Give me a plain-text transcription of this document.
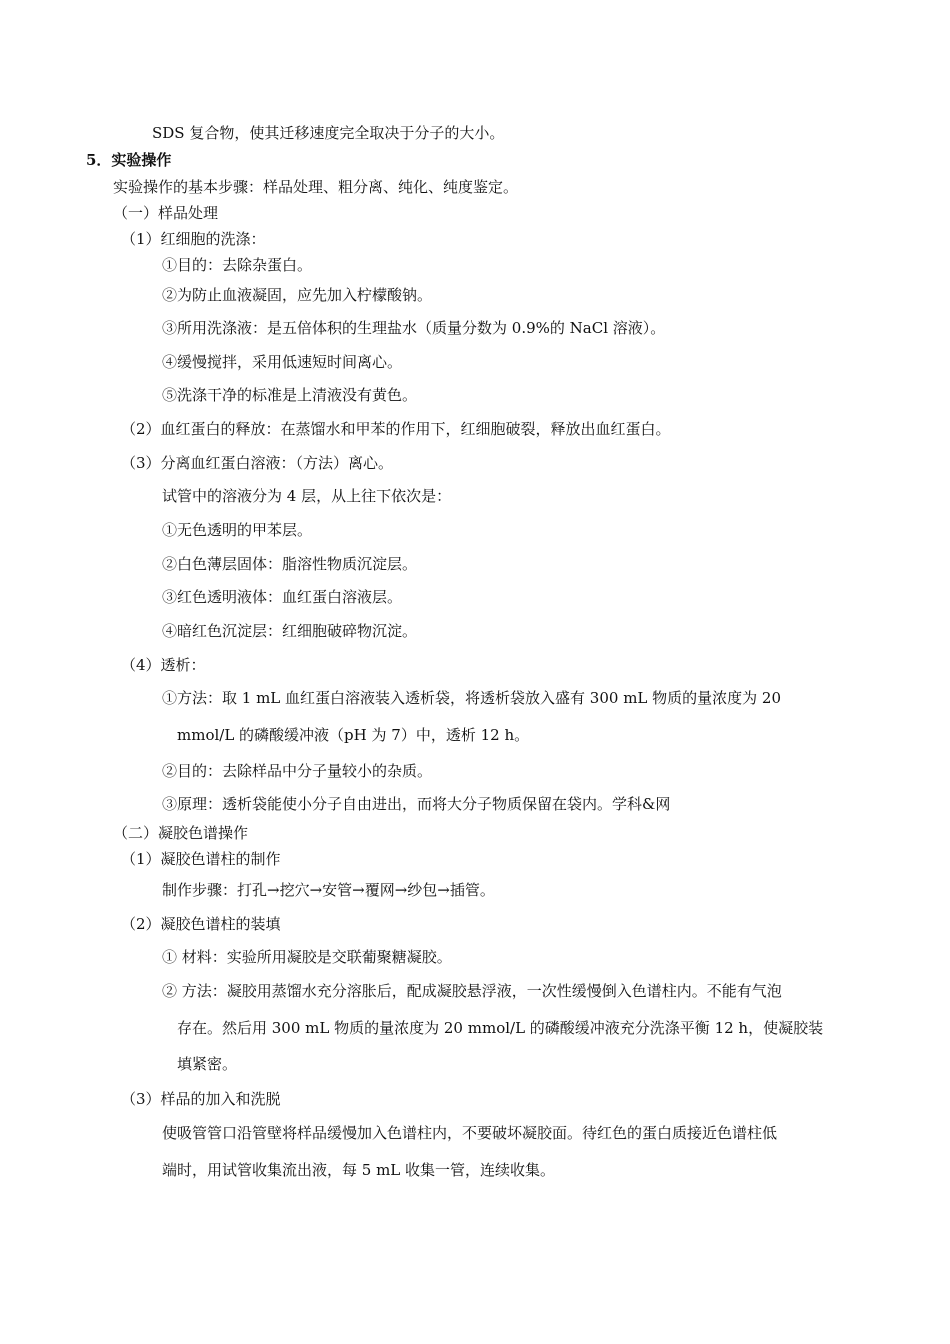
SDS 复合物，使其迁移速度完全取决于分子的大小。
5．实验操作
实验操作的基本步骤：样品处理、粗分离、纯化、纯度鉴定。
（一）样品处理
（1）红细胞的洗涤：
①目的：去除杂蛋白。
②为防止血液凝固，应先加入柠檬酸钠。
③所用洗涤液：是五倍体积的生理盐水（质量分数为 0.9%的 NaCl 溶液）。
④缓慢搅拌，采用低速短时间离心。
⑤洗涤干净的标准是上清液没有黄色。
（2）血红蛋白的释放：在蒸馏水和甲苯的作用下，红细胞破裂，释放出血红蛋白。
（3）分离血红蛋白溶液：（方法）离心。
试管中的溶液分为 4 层，从上往下依次是：
①无色透明的甲苯层。
②白色薄层固体：脂溶性物质沉淀层。
③红色透明液体：血红蛋白溶液层。
④暗红色沉淀层：红细胞破碎物沉淀。
（4）透析：
①方法：取 1 mL 血红蛋白溶液装入透析袋，将透析袋放入盛有 300 mL 物质的量浓度为 20
mmol/L 的磷酸缓冲液（pH 为 7）中，透析 12 h。
②目的：去除样品中分子量较小的杂质。
③原理：透析袋能使小分子自由进出，而将大分子物质保留在袋内。学科&网
（二）凝胶色谱操作
（1）凝胶色谱柱的制作
制作步骤：打孔→挖穴→安管→覆网→纱包→插管。
（2）凝胶色谱柱的装填
① 材料：实验所用凝胶是交联葡聚糖凝胶。
② 方法：凝胶用蒸馏水充分溶胀后，配成凝胶悬浮液，一次性缓慢倒入色谱柱内。不能有气泡
存在。然后用 300 mL 物质的量浓度为 20 mmol/L 的磷酸缓冲液充分洗涤平衡 12 h，使凝胶装
填紧密。
（3）样品的加入和洗脱
使吸管管口沿管壁将样品缓慢加入色谱柱内，不要破坏凝胶面。待红色的蛋白质接近色谱柱低
端时，用试管收集流出液，每 5 mL 收集一管，连续收集。
